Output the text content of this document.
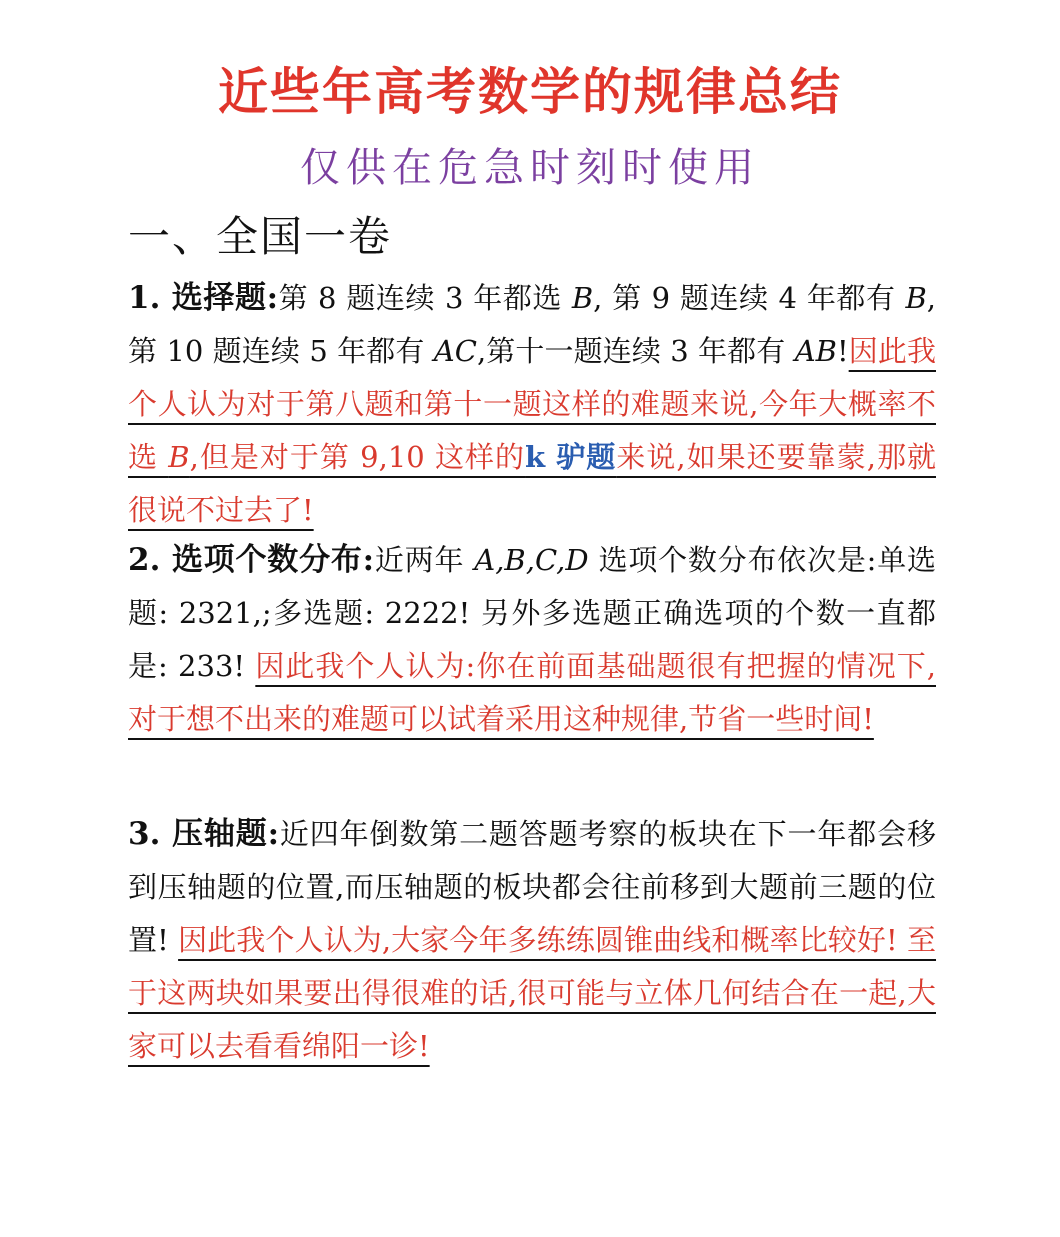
近些年高考数学的规律总结
仅供在危急时刻时使用
一、全国一卷
1. 选择题:第 8 题连续 3 年都选 B, 第 9 题连续 4 年都有 B,第 10 题连续 5 年都有 AC,第十一题连续 3 年都有 AB!因此我个人认为对于第八题和第十一题这样的难题来说,今年大概率不选 B,但是对于第 9,10 这样的k 驴题来说,如果还要靠蒙,那就很说不过去了!
2. 选项个数分布:近两年 A,B,C,D 选项个数分布依次是:单选题: 2321,;多选题: 2222! 另外多选题正确选项的个数一直都是: 233! 因此我个人认为:你在前面基础题很有把握的情况下,对于想不出来的难题可以试着采用这种规律,节省一些时间!
3. 压轴题:近四年倒数第二题答题考察的板块在下一年都会移到压轴题的位置,而压轴题的板块都会往前移到大题前三题的位置! 因此我个人认为,大家今年多练练圆锥曲线和概率比较好! 至于这两块如果要出得很难的话,很可能与立体几何结合在一起,大家可以去看看绵阳一诊!
